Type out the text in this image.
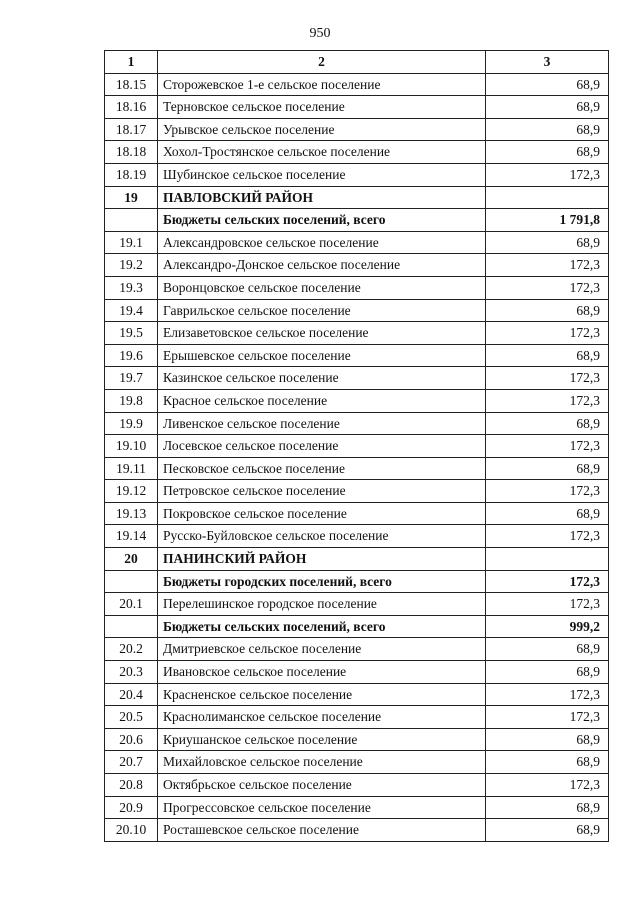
950
1	2	3
18.15	Сторожевское 1-е сельское поселение	68,9
18.16	Терновское сельское поселение	68,9
18.17	Урывское сельское поселение	68,9
18.18	Хохол-Тростянское сельское поселение	68,9
18.19	Шубинское сельское поселение	172,3
19	ПАВЛОВСКИЙ РАЙОН	
	Бюджеты сельских поселений, всего	1 791,8
19.1	Александровское сельское поселение	68,9
19.2	Александро-Донское сельское поселение	172,3
19.3	Воронцовское сельское поселение	172,3
19.4	Гаврильское сельское поселение	68,9
19.5	Елизаветовское сельское поселение	172,3
19.6	Ерышевское сельское поселение	68,9
19.7	Казинское сельское поселение	172,3
19.8	Красное сельское поселение	172,3
19.9	Ливенское сельское поселение	68,9
19.10	Лосевское сельское поселение	172,3
19.11	Песковское сельское поселение	68,9
19.12	Петровское сельское поселение	172,3
19.13	Покровское сельское поселение	68,9
19.14	Русско-Буйловское сельское поселение	172,3
20	ПАНИНСКИЙ РАЙОН	
	Бюджеты городских поселений, всего	172,3
20.1	Перелешинское городское поселение	172,3
	Бюджеты сельских поселений, всего	999,2
20.2	Дмитриевское сельское поселение	68,9
20.3	Ивановское сельское поселение	68,9
20.4	Красненское сельское поселение	172,3
20.5	Краснолиманское сельское поселение	172,3
20.6	Криушанское сельское поселение	68,9
20.7	Михайловское сельское поселение	68,9
20.8	Октябрьское сельское поселение	172,3
20.9	Прогрессовское сельское поселение	68,9
20.10	Росташевское сельское поселение	68,9
